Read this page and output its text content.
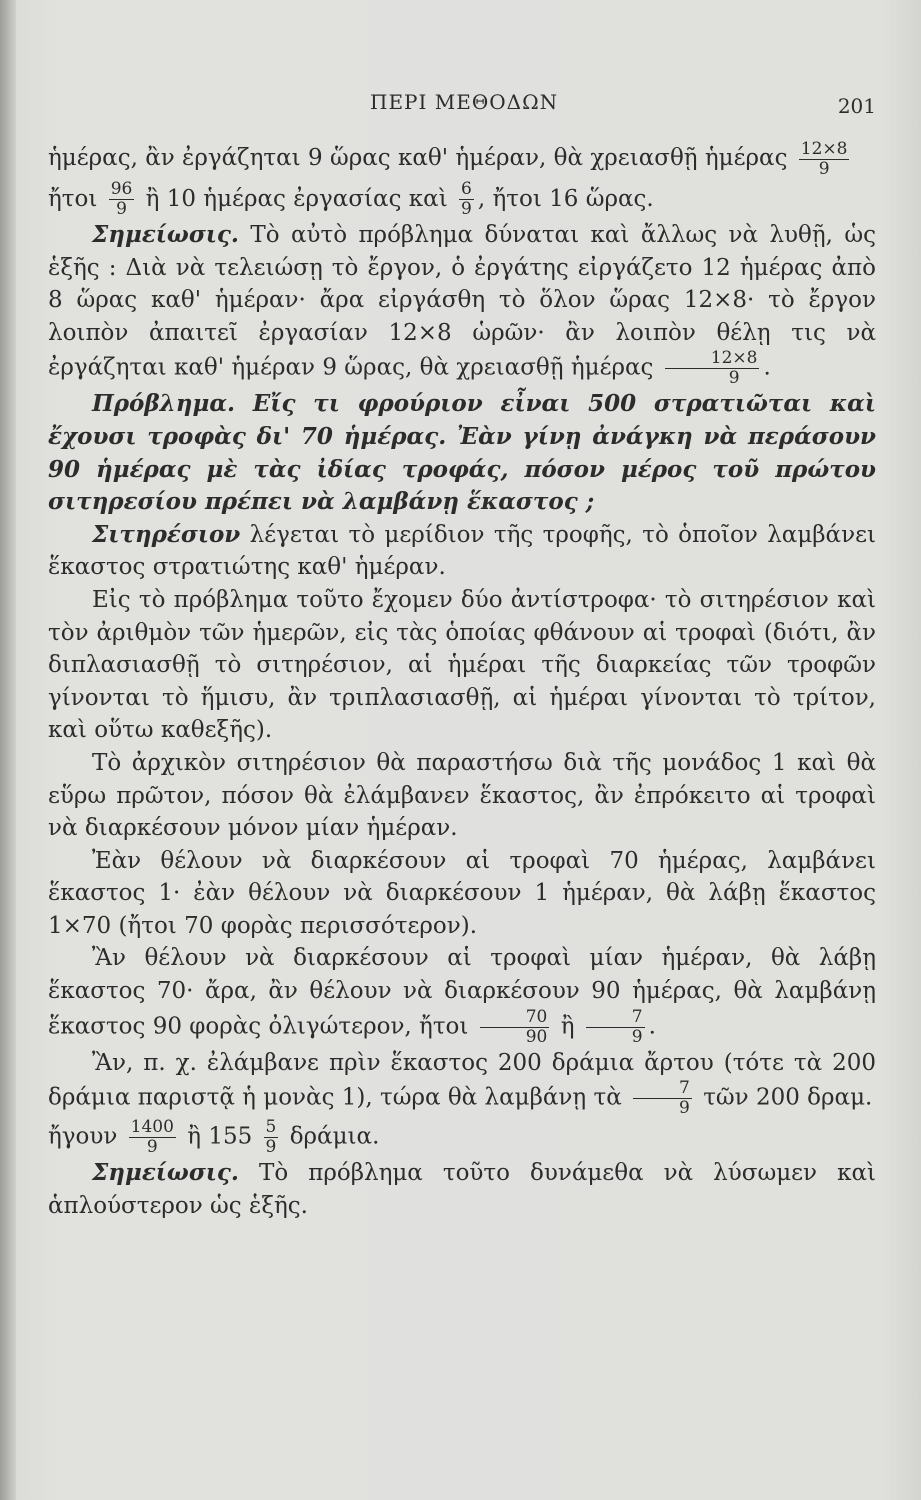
ΠΕΡΙ ΜΕΘΟΔΩΝ	201

ἡμέρας, ἂν ἐργάζηται 9 ὥρας καθ' ἡμέραν, θὰ χρειασθῇ ἡμέρας $\frac{12\times 8}{9}$

ἤτοι $\frac{96}{9}$ ἢ 10 ἡμέρας ἐργασίας καὶ $\frac{6}{9}$ , ἤτοι 16 ὥρας.

Σημείωσις. Τὸ αὐτὸ πρόβλημα δύναται καὶ ἄλλως νὰ λυθῇ, ὡς ἑξῆς : Διὰ νὰ τελειώσῃ τὸ ἔργον, ὁ ἐργάτης εἰργάζετο 12 ἡμέρας ἀπὸ 8 ὥρας καθ' ἡμέραν· ἄρα εἰργάσθη τὸ ὅλον ὥρας 12×8· τὸ ἔργον λοιπὸν ἀπαιτεῖ ἐργασίαν 12×8 ὡρῶν· ἂν λοιπὸν θέλῃ τις νὰ ἐργάζηται καθ' ἡμέραν 9 ὥρας, θὰ χρειασθῇ ἡμέρας $\frac{12\times 8}{9}$ .

Πρόβλημα. Εἴς τι φρούριον εἶναι 500 στρατιῶται καὶ ἔχουσι τροφὰς δι' 70 ἡμέρας. Ἐὰν γίνῃ ἀνάγκη νὰ περάσουν 90 ἡμέρας μὲ τὰς ἰδίας τροφάς, πόσον μέρος τοῦ πρώτου σιτηρεσίου πρέπει νὰ λαμβάνῃ ἕκαστος ;

Σιτηρέσιον λέγεται τὸ μερίδιον τῆς τροφῆς, τὸ ὁποῖον λαμβάνει ἕκαστος στρατιώτης καθ' ἡμέραν.

Εἰς τὸ πρόβλημα τοῦτο ἔχομεν δύο ἀντίστροφα· τὸ σιτηρέσιον καὶ τὸν ἀριθμὸν τῶν ἡμερῶν, εἰς τὰς ὁποίας φθάνουν αἱ τροφαὶ (διότι, ἂν διπλασιασθῇ τὸ σιτηρέσιον, αἱ ἡμέραι τῆς διαρκείας τῶν τροφῶν γίνονται τὸ ἥμισυ, ἂν τριπλασιασθῇ, αἱ ἡμέραι γίνονται τὸ τρίτον, καὶ οὕτω καθεξῆς).

Τὸ ἀρχικὸν σιτηρέσιον θὰ παραστήσω διὰ τῆς μονάδος 1 καὶ θὰ εὕρω πρῶτον, πόσον θὰ ἐλάμβανεν ἕκαστος, ἂν ἐπρόκειτο αἱ τροφαὶ νὰ διαρκέσουν μόνον μίαν ἡμέραν.

Ἐὰν θέλουν νὰ διαρκέσουν αἱ τροφαὶ 70 ἡμέρας, λαμβάνει ἕκαστος 1· ἐὰν θέλουν νὰ διαρκέσουν 1 ἡμέραν, θὰ λάβῃ ἕκαστος 1×70 (ἤτοι 70 φορὰς περισσότερον).

Ἂν θέλουν νὰ διαρκέσουν αἱ τροφαὶ μίαν ἡμέραν, θὰ λάβῃ ἕκαστος 70· ἄρα, ἂν θέλουν νὰ διαρκέσουν 90 ἡμέρας, θὰ λαμβάνῃ ἕκαστος 90 φορὰς ὀλιγώτερον, ἤτοι $\frac{70}{90}$ ἢ $\frac{7}{9}$ .

Ἂν, π. χ. ἐλάμβανε πρὶν ἕκαστος 200 δράμια ἄρτου (τότε τὰ 200 δράμια παριστᾷ ἡ μονὰς 1), τώρα θὰ λαμβάνῃ τὰ $\frac{7}{9}$ τῶν 200 δραμ.

ἤγουν $\frac{1400}{9}$ ἢ $155 \frac{5}{9} \delta\rho ά\mu\iota\alpha$.

Σημείωσις. Τὸ πρόβλημα τοῦτο δυνάμεθα νὰ λύσωμεν καὶ ἁπλούστερον ὡς ἑξῆς.
